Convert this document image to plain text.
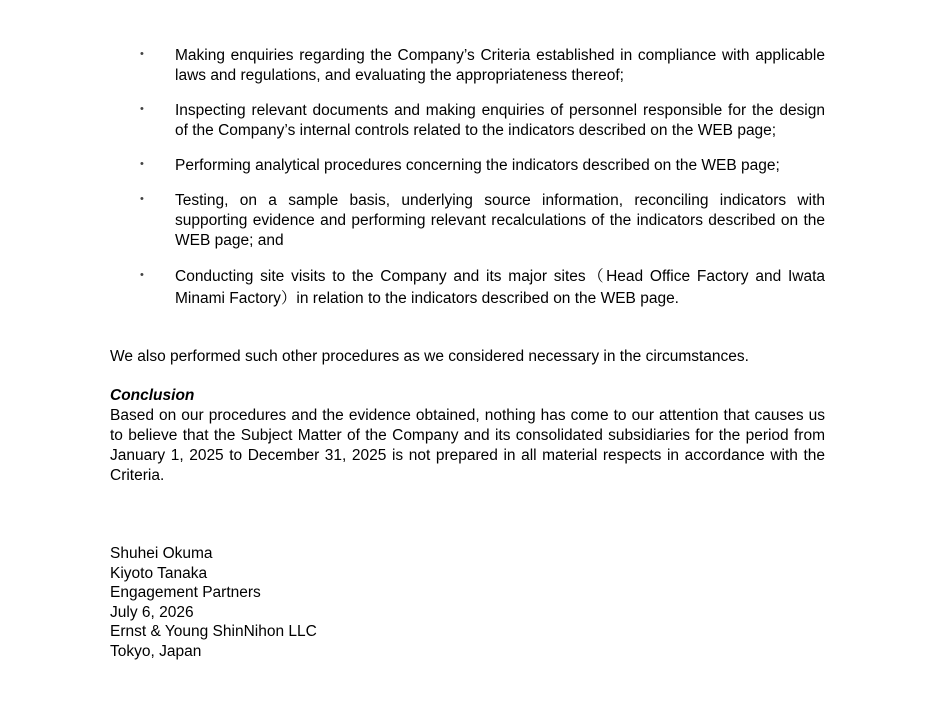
• Making enquiries regarding the Company’s Criteria established in compliance with applicable laws and regulations, and evaluating the appropriateness thereof;
• Inspecting relevant documents and making enquiries of personnel responsible for the design of the Company’s internal controls related to the indicators described on the WEB page;
• Performing analytical procedures concerning the indicators described on the WEB page;
• Testing, on a sample basis, underlying source information, reconciling indicators with supporting evidence and performing relevant recalculations of the indicators described on the WEB page; and
• Conducting site visits to the Company and its major sites（Head Office Factory and Iwata Minami Factory）in relation to the indicators described on the WEB page.
We also performed such other procedures as we considered necessary in the circumstances.
Conclusion
Based on our procedures and the evidence obtained, nothing has come to our attention that causes us to believe that the Subject Matter of the Company and its consolidated subsidiaries for the period from January 1, 2025 to December 31, 2025 is not prepared in all material respects in accordance with the Criteria.
Shuhei Okuma
Kiyoto Tanaka
Engagement Partners
July 6, 2026
Ernst & Young ShinNihon LLC
Tokyo, Japan
